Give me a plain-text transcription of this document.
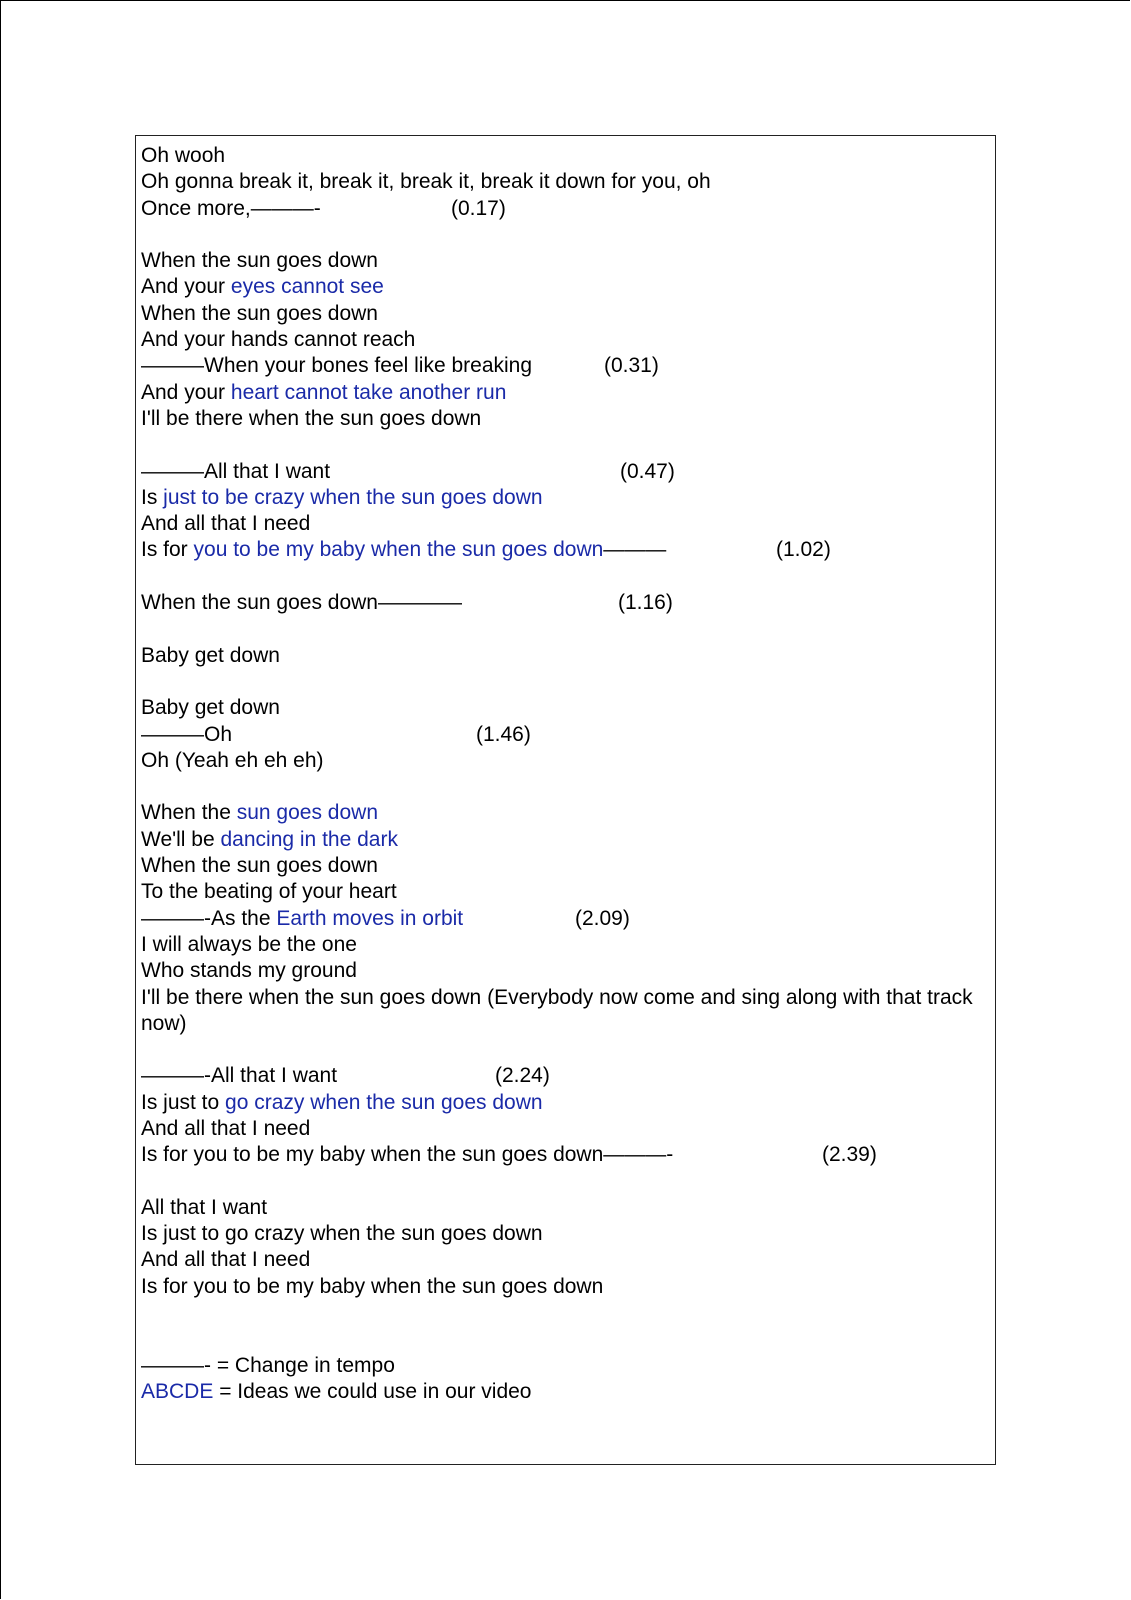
Oh wooh
Oh gonna break it, break it, break it, break it down for you, oh
Once more,———-	(0.17)
When the sun goes down
And your eyes cannot see
When the sun goes down
And your hands cannot reach
———When your bones feel like breaking	(0.31)
And your heart cannot take another run
I'll be there when the sun goes down
———All that I want	(0.47)
Is just to be crazy when the sun goes down
And all that I need
Is for you to be my baby when the sun goes down———	(1.02)
When the sun goes down————	(1.16)
Baby get down
Baby get down
———Oh	(1.46)
Oh (Yeah eh eh eh)
When the sun goes down
We'll be dancing in the dark
When the sun goes down
To the beating of your heart
———-As the Earth moves in orbit	(2.09)
I will always be the one
Who stands my ground
I'll be there when the sun goes down (Everybody now come and sing along with that track now)
———-All that I want	(2.24)
Is just to go crazy when the sun goes down
And all that I need
Is for you to be my baby when the sun goes down———-	(2.39)
All that I want
Is just to go crazy when the sun goes down
And all that I need
Is for you to be my baby when the sun goes down
———- = Change in tempo
ABCDE = Ideas we could use in our video
